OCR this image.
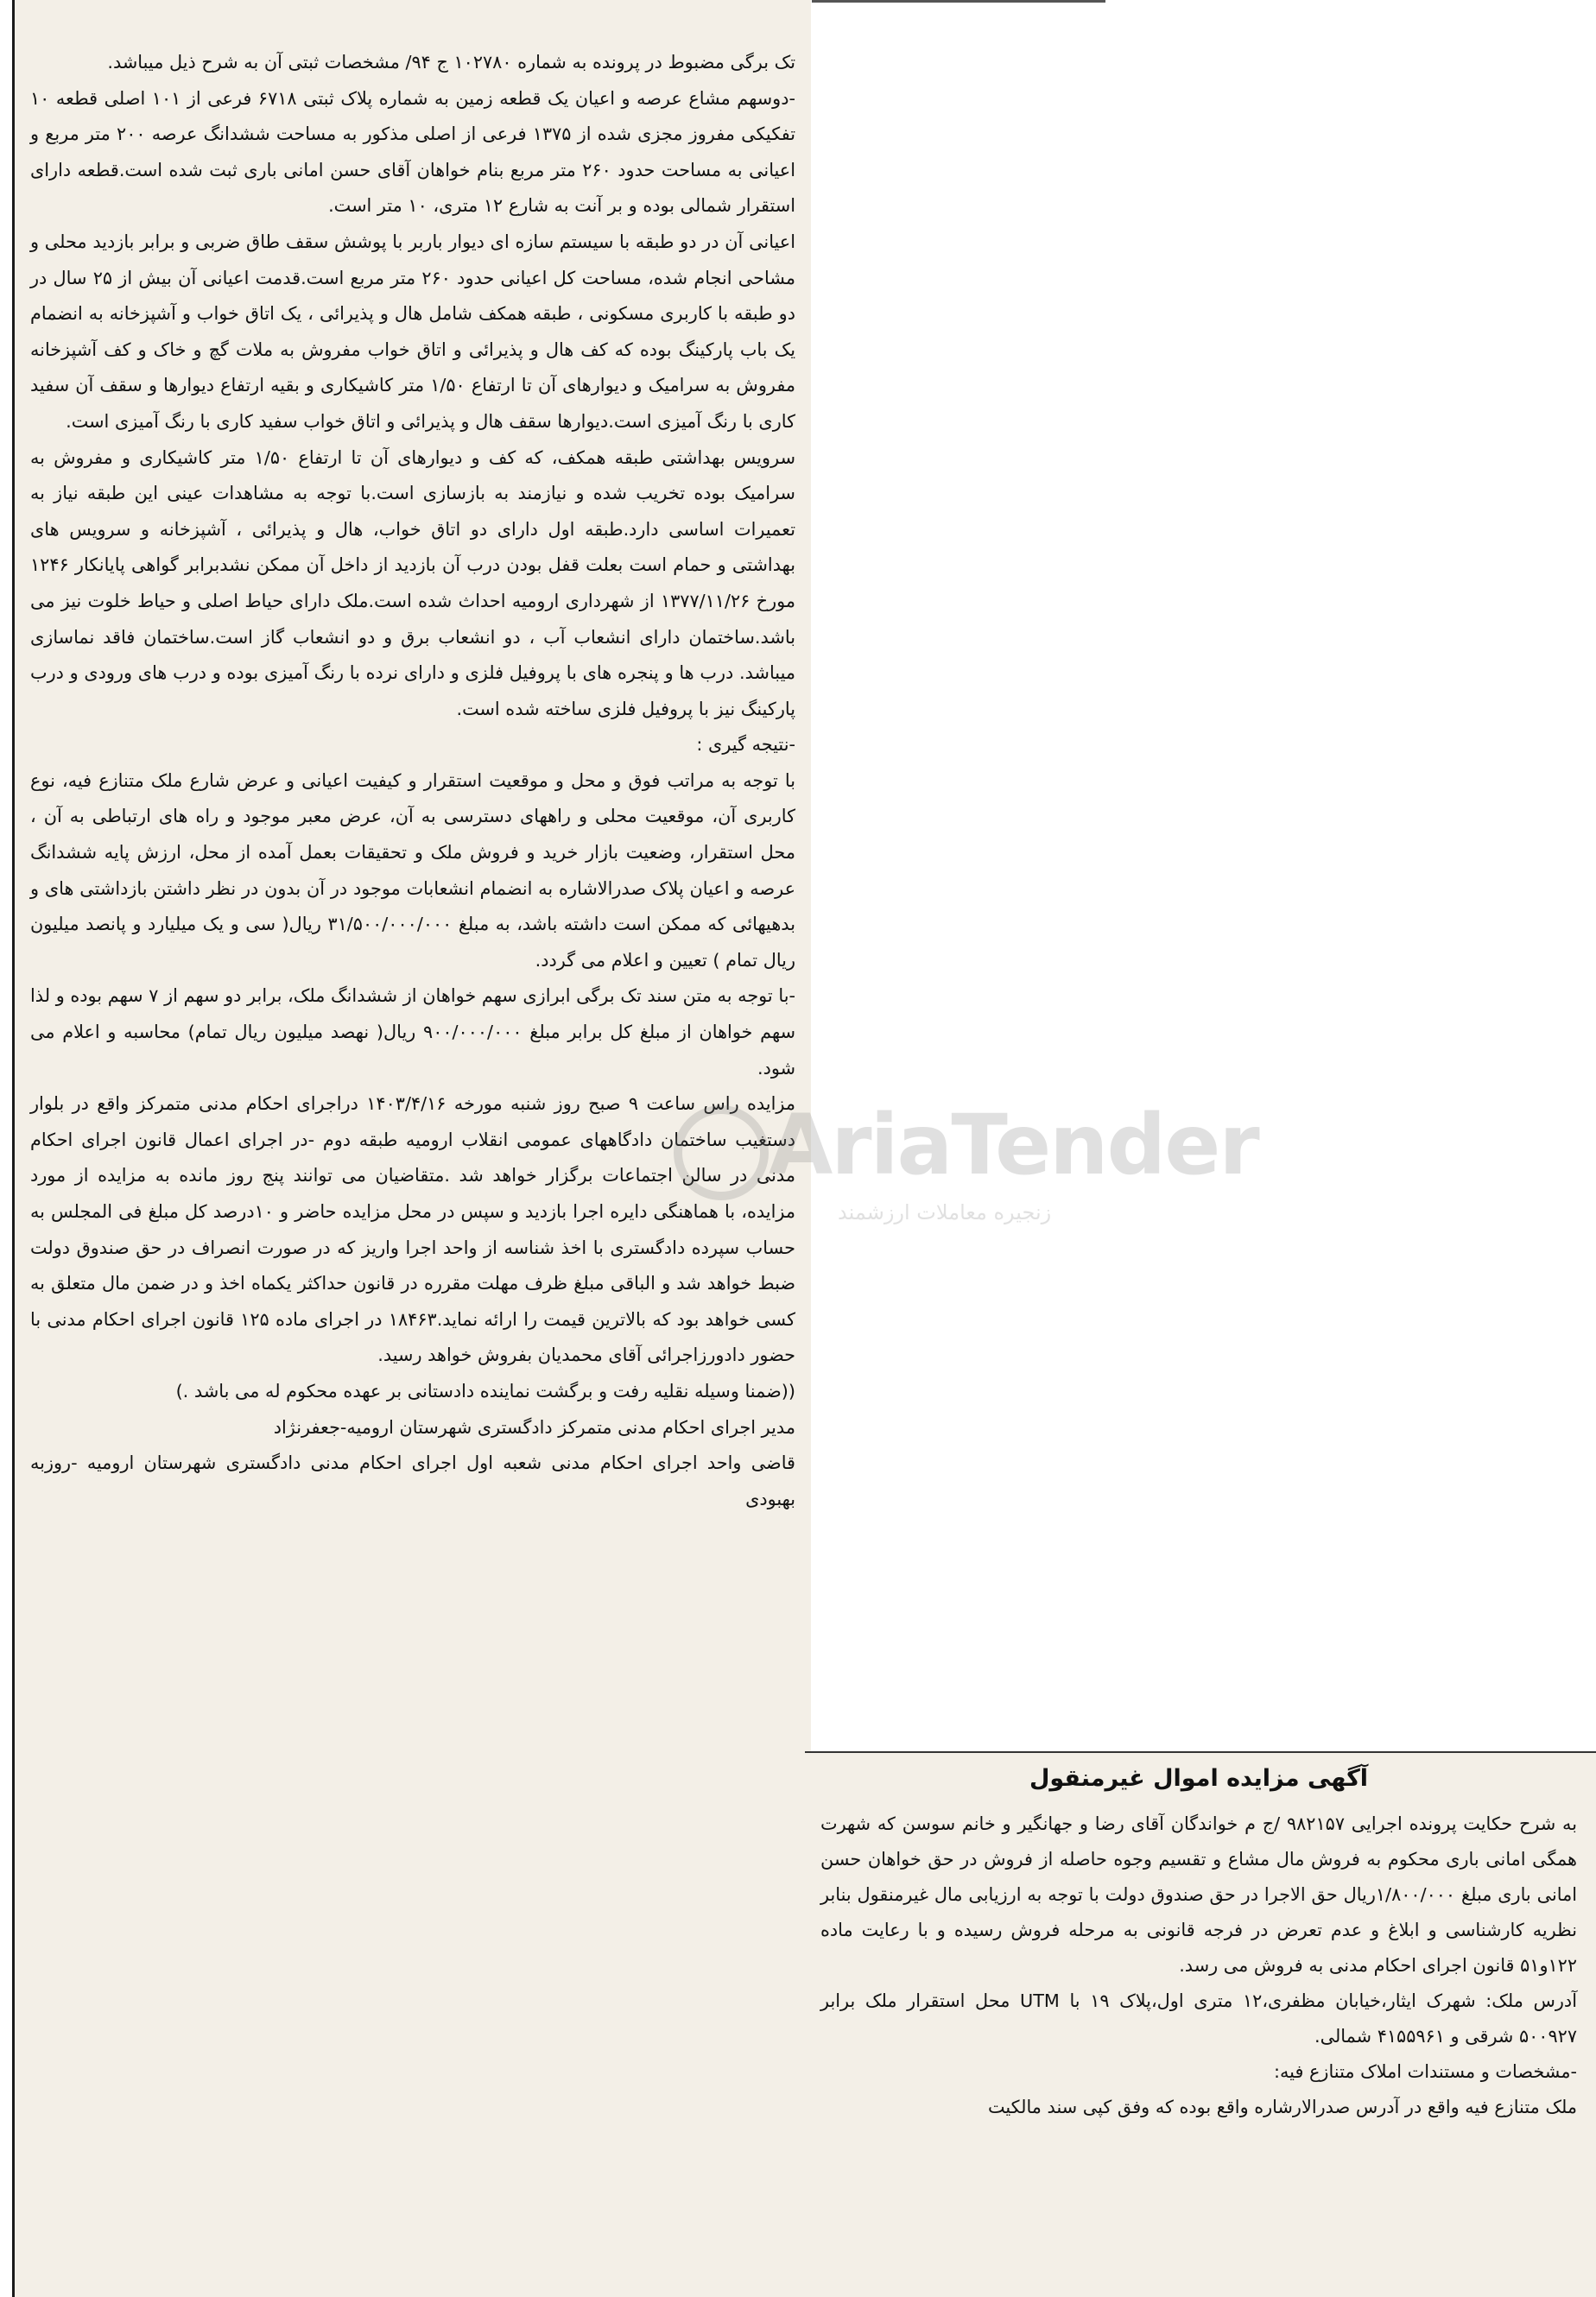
تک برگی مضبوط در پرونده به شماره ۱۰۲۷۸۰ ج ۹۴/ مشخصات ثبتی آن به شرح ذیل میباشد.

-دوسهم مشاع عرصه و اعیان یک قطعه زمین به شماره پلاک ثبتی ۶۷۱۸ فرعی از ۱۰۱ اصلی قطعه ۱۰ تفکیکی مفروز مجزی شده از ۱۳۷۵ فرعی از اصلی مذکور به مساحت ششدانگ عرصه ۲۰۰ متر مربع و اعیانی به مساحت حدود ۲۶۰ متر مربع بنام خواهان آقای حسن امانی باری ثبت شده است.قطعه دارای استقرار شمالی بوده و بر آنت به شارع ۱۲ متری، ۱۰ متر است.

اعیانی آن در دو طبقه با سیستم سازه ای دیوار باربر با پوشش سقف طاق ضربی و برابر بازدید محلی و مشاحی انجام شده، مساحت کل اعیانی حدود ۲۶۰ متر مربع است.قدمت اعیانی آن بیش از ۲۵ سال در دو طبقه با کاربری مسکونی ، طبقه همکف شامل هال و پذیرائی ، یک اتاق خواب و آشپزخانه به انضمام یک باب پارکینگ بوده که کف هال و پذیرائی و اتاق خواب مفروش به ملات گچ و خاک و کف آشپزخانه مفروش به سرامیک و دیوارهای آن تا ارتفاع ۱/۵۰ متر کاشیکاری و بقیه ارتفاع دیوارها و سقف آن سفید کاری با رنگ آمیزی است.دیوارها سقف هال و پذیرائی و اتاق خواب سفید کاری با رنگ آمیزی است.

سرویس بهداشتی طبقه همکف، که کف و دیوارهای آن تا ارتفاع ۱/۵۰ متر کاشیکاری و مفروش به سرامیک بوده تخریب شده و نیازمند به بازسازی است.با توجه به مشاهدات عینی این طبقه نیاز به تعمیرات اساسی دارد.طبقه اول دارای دو اتاق خواب، هال و پذیرائی ، آشپزخانه و سرویس های بهداشتی و حمام است بعلت قفل بودن درب آن بازدید از داخل آن ممکن نشدبرابر گواهی پایانکار ۱۲۴۶ مورخ ۱۳۷۷/۱۱/۲۶ از شهرداری ارومیه احداث شده است.ملک دارای حیاط اصلی و حیاط خلوت نیز می باشد.ساختمان دارای انشعاب آب ، دو انشعاب برق و دو انشعاب گاز است.ساختمان فاقد نماسازی میباشد. درب ها و پنجره های با پروفیل فلزی و دارای نرده با رنگ آمیزی بوده و درب های ورودی و درب پارکینگ نیز با پروفیل فلزی ساخته شده است.

-نتیجه گیری :

با توجه به مراتب فوق و محل و موقعیت استقرار و کیفیت اعیانی و عرض شارع ملک متنازع فیه، نوع کاربری آن، موقعیت محلی و راههای دسترسی به آن، عرض معبر موجود و راه های ارتباطی به آن ، محل استقرار، وضعیت بازار خرید و فروش ملک و تحقیقات بعمل آمده از محل، ارزش پایه ششدانگ عرصه و اعیان پلاک صدرالاشاره به انضمام انشعابات موجود در آن بدون در نظر داشتن بازداشتی های و بدهیهائی که ممکن است داشته باشد، به مبلغ ۳۱/۵۰۰/۰۰۰/۰۰۰ ریال( سی و یک میلیارد و پانصد میلیون ریال تمام ) تعیین و اعلام می گردد.

-با توجه به متن سند تک برگی ابرازی سهم خواهان از ششدانگ ملک، برابر دو سهم از ۷ سهم بوده و لذا سهم خواهان از مبلغ کل برابر مبلغ ۹۰۰/۰۰۰/۰۰۰ ریال( نهصد میلیون ریال تمام) محاسبه و اعلام می شود.

مزایده راس ساعت ۹ صبح روز شنبه مورخه ۱۴۰۳/۴/۱۶ دراجرای احکام مدنی متمرکز واقع در بلوار دستغیب ساختمان دادگاههای عمومی انقلاب ارومیه طبقه دوم -در اجرای اعمال قانون اجرای احکام مدنی در سالن اجتماعات برگزار خواهد شد .متقاضیان می توانند پنج روز مانده به مزایده از مورد مزایده، با هماهنگی دایره اجرا بازدید و سپس در محل مزایده حاضر و ۱۰درصد کل مبلغ فی المجلس به حساب سپرده دادگستری با اخذ شناسه از واحد اجرا واریز که در صورت انصراف در حق صندوق دولت ضبط خواهد شد و الباقی مبلغ ظرف مهلت مقرره در قانون حداکثر یکماه اخذ و در ضمن مال متعلق به کسی خواهد بود که بالاترین قیمت را ارائه نماید.۱۸۴۶۳ در اجرای ماده ۱۲۵ قانون اجرای احکام مدنی با حضور دادورزاجرائی آقای محمدیان بفروش خواهد رسید.

((ضمنا وسیله نقلیه رفت و برگشت نماینده دادستانی بر عهده محکوم له می باشد .)

مدیر اجرای احکام مدنی متمرکز دادگستری شهرستان ارومیه-جعفرنژاد

قاضی واحد اجرای احکام مدنی شعبه اول اجرای احکام مدنی دادگستری شهرستان ارومیه -روزبه بهبودی

آگهی مزایده اموال غیرمنقول

به شرح حکایت پرونده اجرایی ۹۸۲۱۵۷ /ج م خواندگان آقای رضا و جهانگیر و خانم سوسن که شهرت همگی امانی باری محکوم به فروش مال مشاع و تقسیم وجوه حاصله از فروش در حق خواهان حسن امانی باری مبلغ ۱/۸۰۰/۰۰۰ریال حق الاجرا در حق صندوق دولت با توجه به ارزیابی مال غیرمنقول بنابر نظریه کارشناسی و ابلاغ و عدم تعرض در فرجه قانونی به مرحله فروش رسیده و با رعایت ماده ۱۲۲و۵۱ قانون اجرای احکام مدنی به فروش می رسد.

آدرس ملک: شهرک ایثار،خیابان مظفری،۱۲ متری اول،پلاک ۱۹ با UTM محل استقرار ملک برابر ۵۰۰۹۲۷ شرقی و ۴۱۵۵۹۶۱ شمالی.

-مشخصات و مستندات املاک متنازع فیه:

ملک متنازع فیه واقع در آدرس صدرالارشاره واقع بوده که وفق کپی سند مالکیت

AriaTender
زنجیره معاملات ارزشمند
